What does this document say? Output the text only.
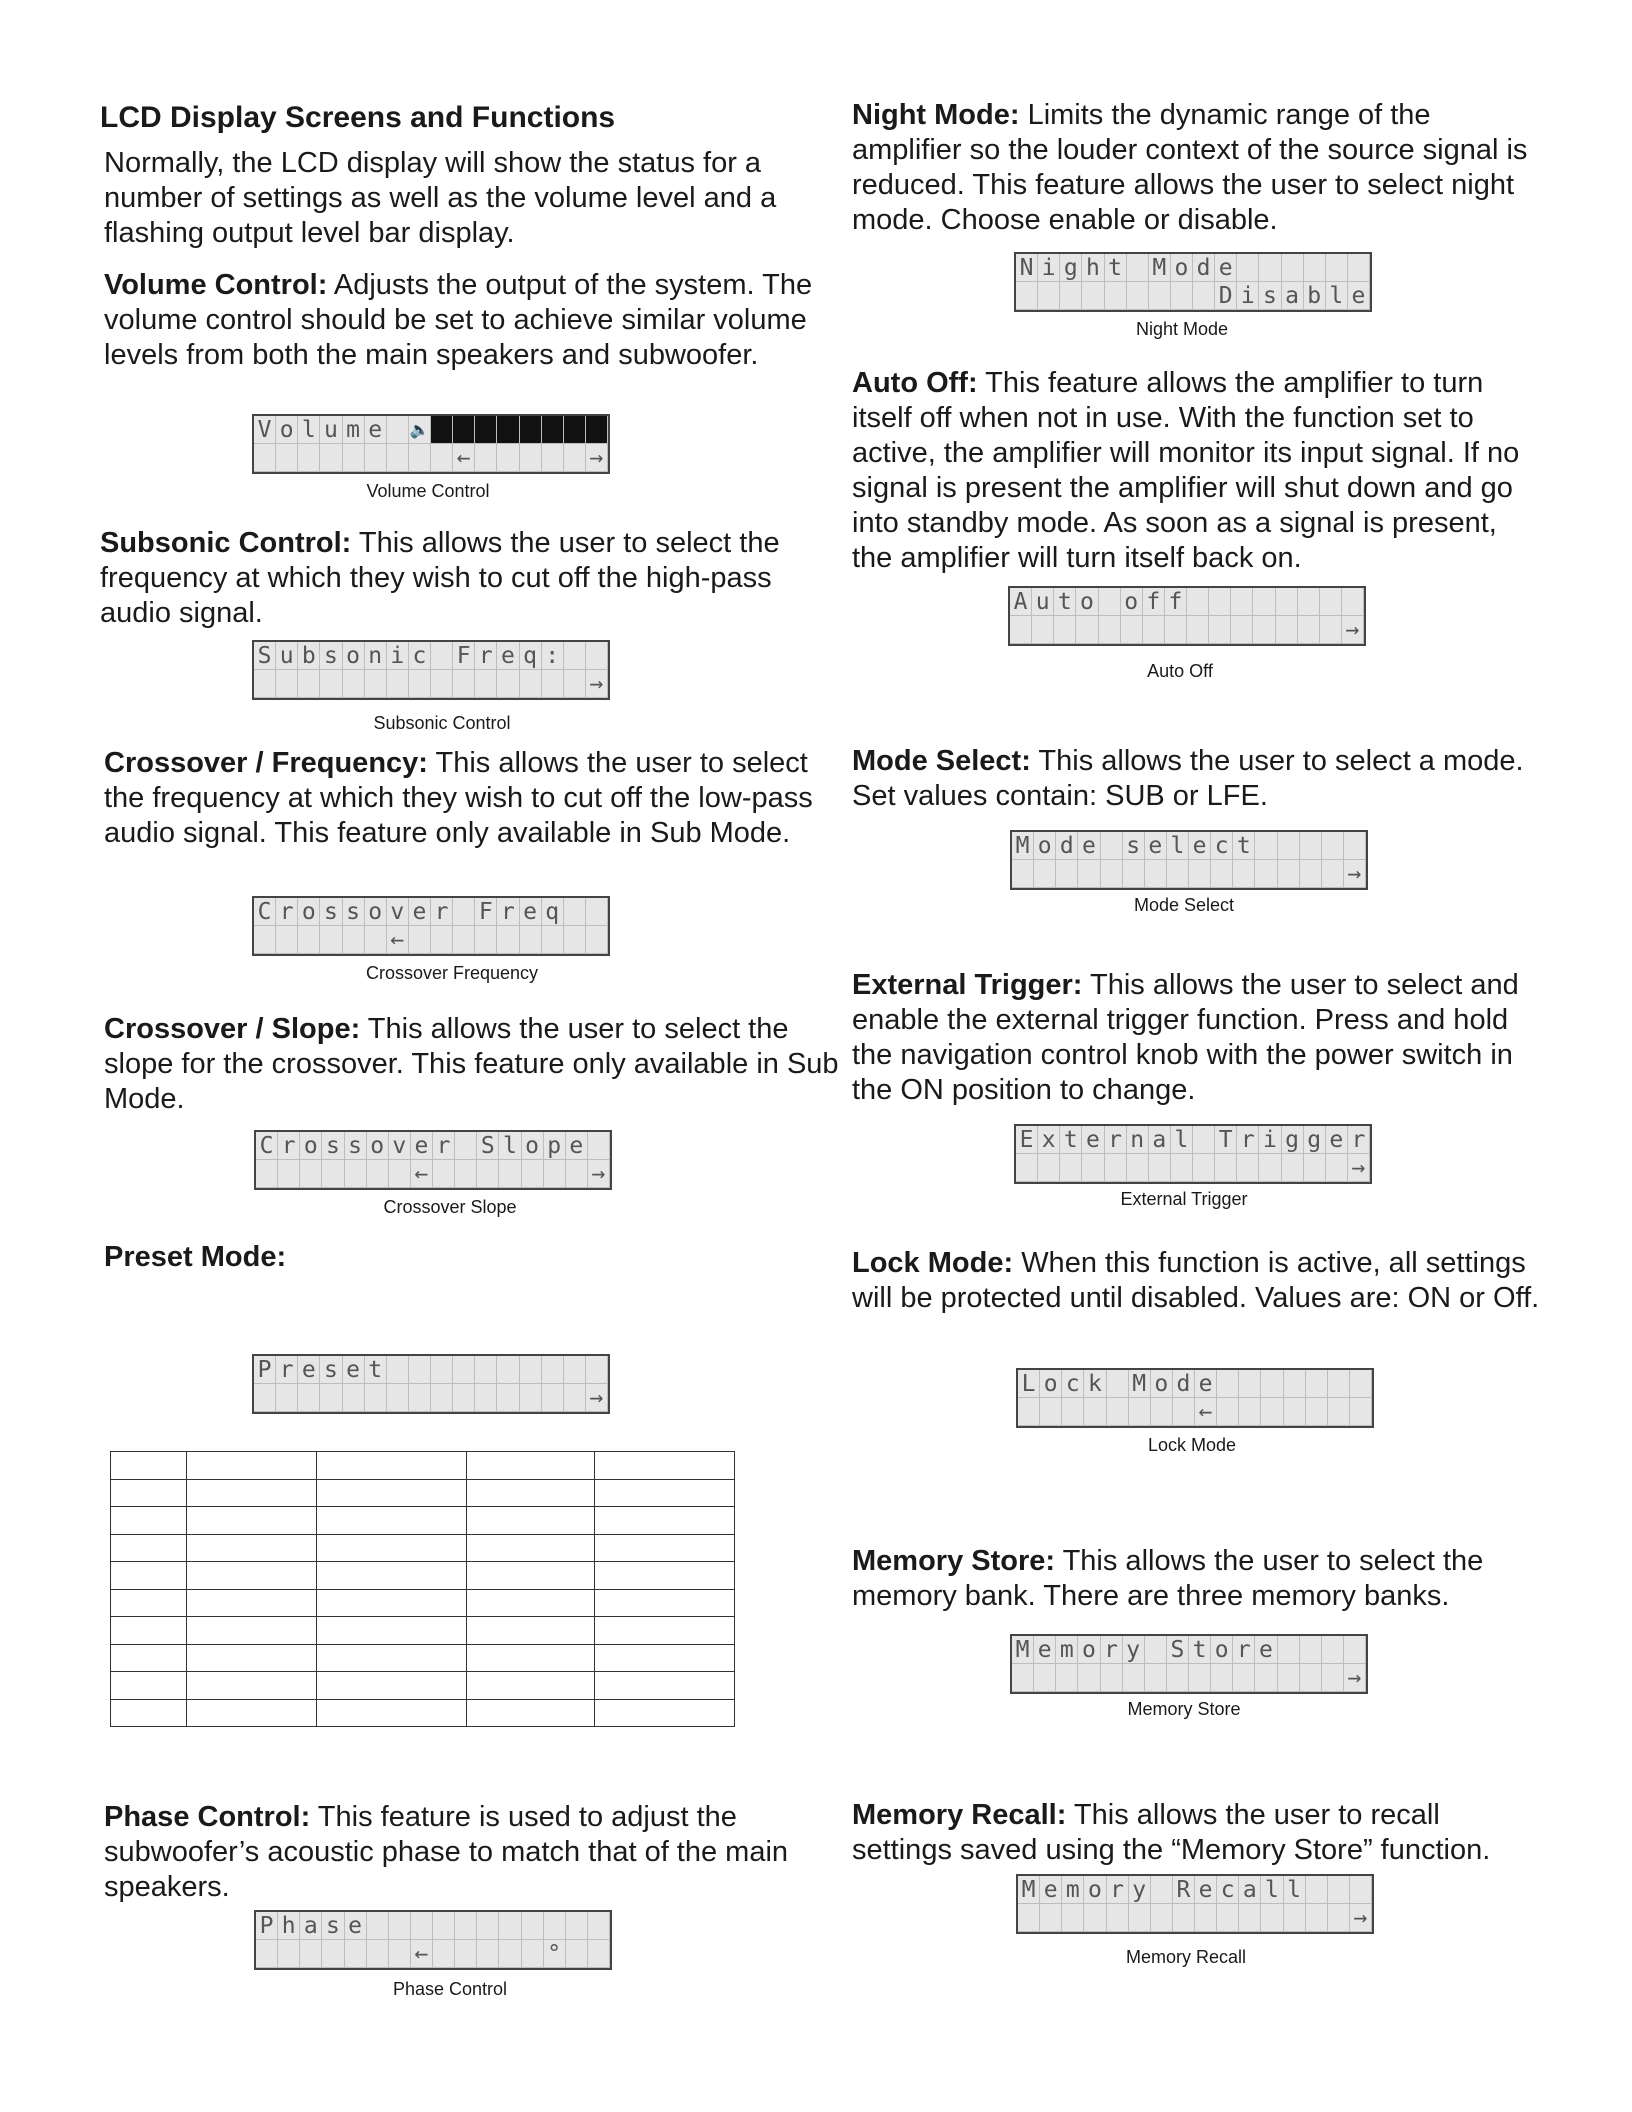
LCD Display Screens and Functions

Normally, the LCD display will show the status for a number of settings as well as the volume level and a flashing output level bar display.

Volume Control: Adjusts the output of the system. The volume control should be set to achieve similar volume levels from both the main speakers and subwoofer.

Subsonic Control: This allows the user to select the frequency at which they wish to cut off the high-pass audio signal.

Crossover / Frequency: This allows the user to select the frequency at which they wish to cut off the low-pass audio signal. This feature only available in Sub Mode.

Crossover / Slope: This allows the user to select the slope for the crossover. This feature only available in Sub Mode.

Preset Mode:

Phase Control: This feature is used to adjust the subwoofer’s acoustic phase to match that of the main speakers.

Night Mode: Limits the dynamic range of the amplifier so the louder context of the source signal is reduced. This feature allows the user to select night mode. Choose enable or disable.

Auto Off: This feature allows the amplifier to turn itself off when not in use. With the function set to active, the amplifier will monitor its input signal. If no signal is present the amplifier will shut down and go into standby mode. As soon as a signal is present, the amplifier will turn itself back on.

Mode Select: This allows the user to select a mode. Set values contain: SUB or LFE.

External Trigger: This allows the user to select and enable the external trigger function. Press and hold the navigation control knob with the power switch in the ON position to change.

Lock Mode: When this function is active, all settings will be protected until disabled. Values are: ON or Off.

Memory Store: This allows the user to select the memory bank. There are three memory banks.

Memory Recall: This allows the user to recall settings saved using the “Memory Store” function.

V o l u m e 🔈
←	→
Volume Control
S u b s o n i c F r e q :
→
Subsonic Control
C r o s s o v e r F r e q
←
Crossover Frequency
C r o s s o v e r S l o p e
←	→
Crossover Slope
P r e s e t
→

P h a s e
←	°
Phase Control
N i g h t M o d e
D i s a b l e
Night Mode
A u t o o f f
→
Auto Off
M o d e s e l e c t
→
Mode Select
E x t e r n a l T r i g g e r
→
External Trigger
L o c k M o d e
←
Lock Mode
M e m o r y S t o r e
→
Memory Store
M e m o r y R e c a l l
→
Memory Recall
